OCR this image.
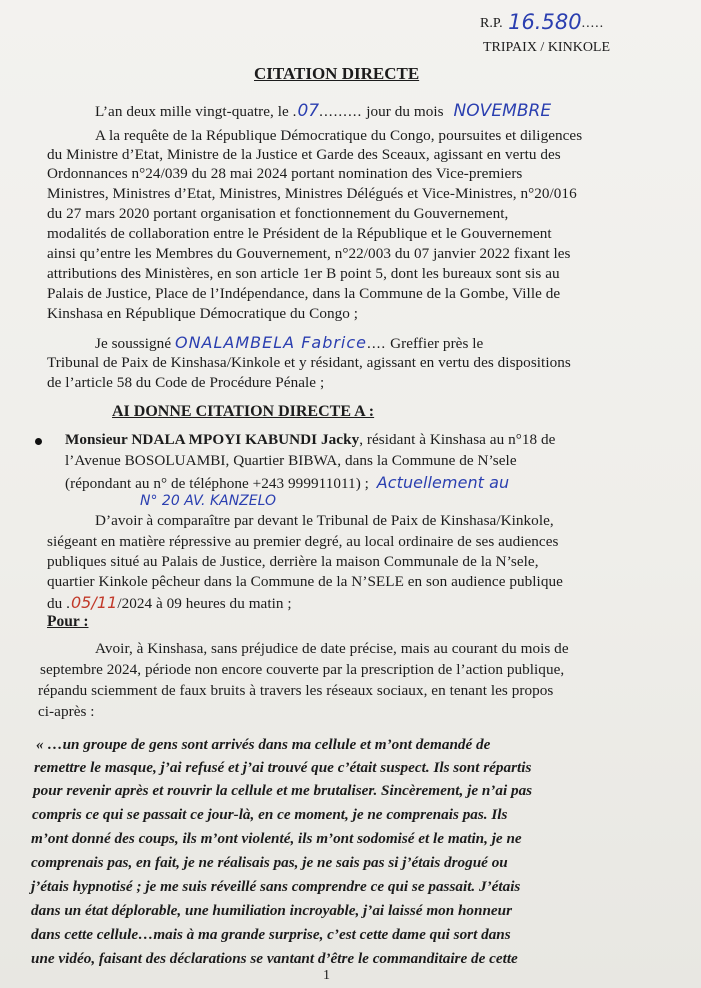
R.P. 16.580.....
TRIPAIX / KINKOLE
CITATION DIRECTE
L’an deux mille vingt-quatre, le .07......... jour du mois NOVEMBRE
A la requête de la République Démocratique du Congo, poursuites et diligences
du Ministre d’Etat, Ministre de la Justice et Garde des Sceaux, agissant en vertu des
Ordonnances n°24/039 du 28 mai 2024 portant nomination des Vice-premiers
Ministres, Ministres d’Etat, Ministres, Ministres Délégués et Vice-Ministres, n°20/016
du 27 mars 2020 portant organisation et fonctionnement du Gouvernement,
modalités de collaboration entre le Président de la République et le Gouvernement
ainsi qu’entre les Membres du Gouvernement, n°22/003 du 07 janvier 2022 fixant les
attributions des Ministères, en son article 1er B point 5, dont les bureaux sont sis au
Palais de Justice, Place de l’Indépendance, dans la Commune de la Gombe, Ville de
Kinshasa en République Démocratique du Congo ;
Je soussigné ONALAMBELA Fabrice.... Greffier près le
Tribunal de Paix de Kinshasa/Kinkole et y résidant, agissant en vertu des dispositions
de l’article 58 du Code de Procédure Pénale ;
AI DONNE CITATION DIRECTE A :
Monsieur NDALA MPOYI KABUNDI Jacky, résidant à Kinshasa au n°18 de
l’Avenue BOSOLUAMBI, Quartier BIBWA, dans la Commune de N’sele
(répondant au n° de téléphone +243 999911011) ; Actuellement au
N° 20 AV. KANZELO
D’avoir à comparaître par devant le Tribunal de Paix de Kinshasa/Kinkole,
siégeant en matière répressive au premier degré, au local ordinaire de ses audiences
publiques situé au Palais de Justice, derrière la maison Communale de la N’sele,
quartier Kinkole pêcheur dans la Commune de la N’SELE en son audience publique
du .05/11/2024 à 09 heures du matin ;
Pour :
Avoir, à Kinshasa, sans préjudice de date précise, mais au courant du mois de
septembre 2024, période non encore couverte par la prescription de l’action publique,
répandu sciemment de faux bruits à travers les réseaux sociaux, en tenant les propos
ci-après :
« …un groupe de gens sont arrivés dans ma cellule et m’ont demandé de
remettre le masque, j’ai refusé et j’ai trouvé que c’était suspect. Ils sont répartis
pour revenir après et rouvrir la cellule et me brutaliser. Sincèrement, je n’ai pas
compris ce qui se passait ce jour-là, en ce moment, je ne comprenais pas. Ils
m’ont donné des coups, ils m’ont violenté, ils m’ont sodomisé et le matin, je ne
comprenais pas, en fait, je ne réalisais pas, je ne sais pas si j’étais drogué ou
j’étais hypnotisé ; je me suis réveillé sans comprendre ce qui se passait. J’étais
dans un état déplorable, une humiliation incroyable, j’ai laissé mon honneur
dans cette cellule…mais à ma grande surprise, c’est cette dame qui sort dans
une vidéo, faisant des déclarations se vantant d’être le commanditaire de cette
1
